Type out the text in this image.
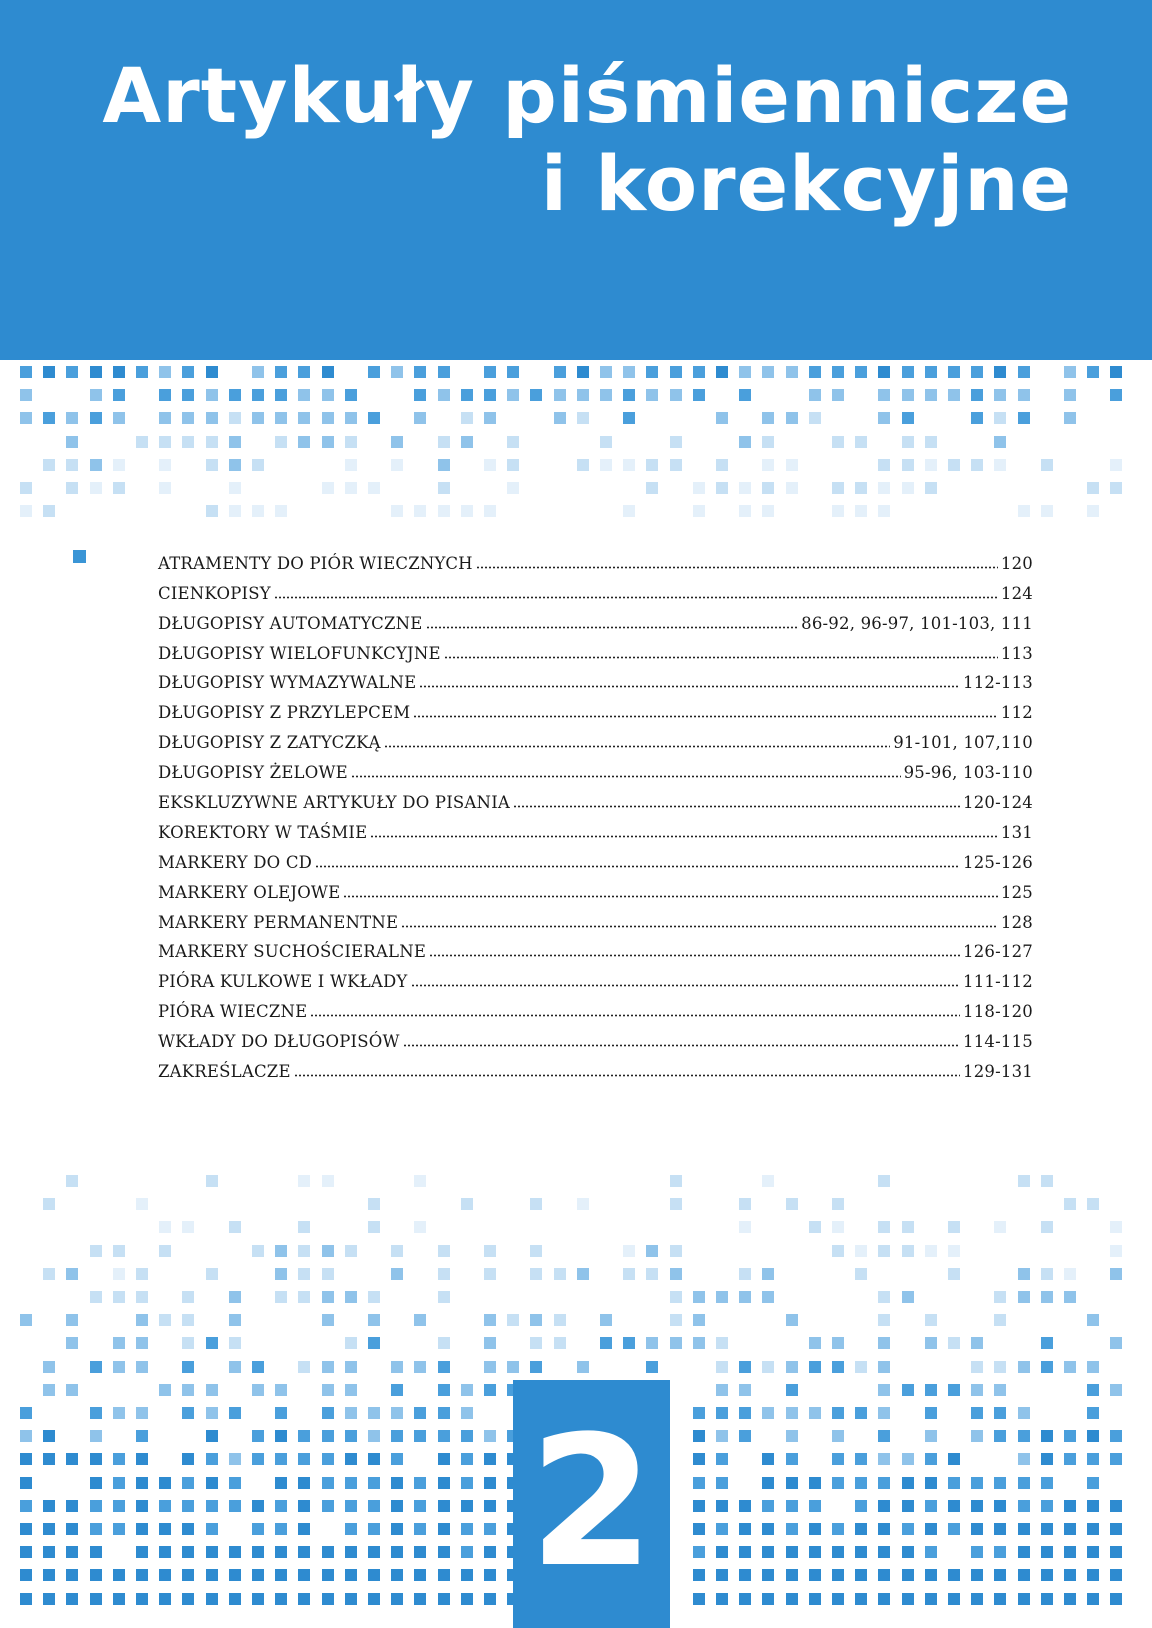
Artykuły piśmiennicze
i korekcyjne
ATRAMENTY DO PIÓR WIECZNYCH	120
CIENKOPISY	124
DŁUGOPISY AUTOMATYCZNE	86-92, 96-97, 101-103, 111
DŁUGOPISY WIELOFUNKCYJNE	113
DŁUGOPISY WYMAZYWALNE	112-113
DŁUGOPISY Z PRZYLEPCEM	112
DŁUGOPISY Z ZATYCZKĄ	91-101, 107,110
DŁUGOPISY ŻELOWE	95-96, 103-110
EKSKLUZYWNE ARTYKUŁY DO PISANIA	120-124
KOREKTORY W TAŚMIE	131
MARKERY DO CD	125-126
MARKERY OLEJOWE	125
MARKERY PERMANENTNE	128
MARKERY SUCHOŚCIERALNE	126-127
PIÓRA KULKOWE I WKŁADY	111-112
PIÓRA WIECZNE	118-120
WKŁADY DO DŁUGOPISÓW	114-115
ZAKREŚLACZE	129-131
2
